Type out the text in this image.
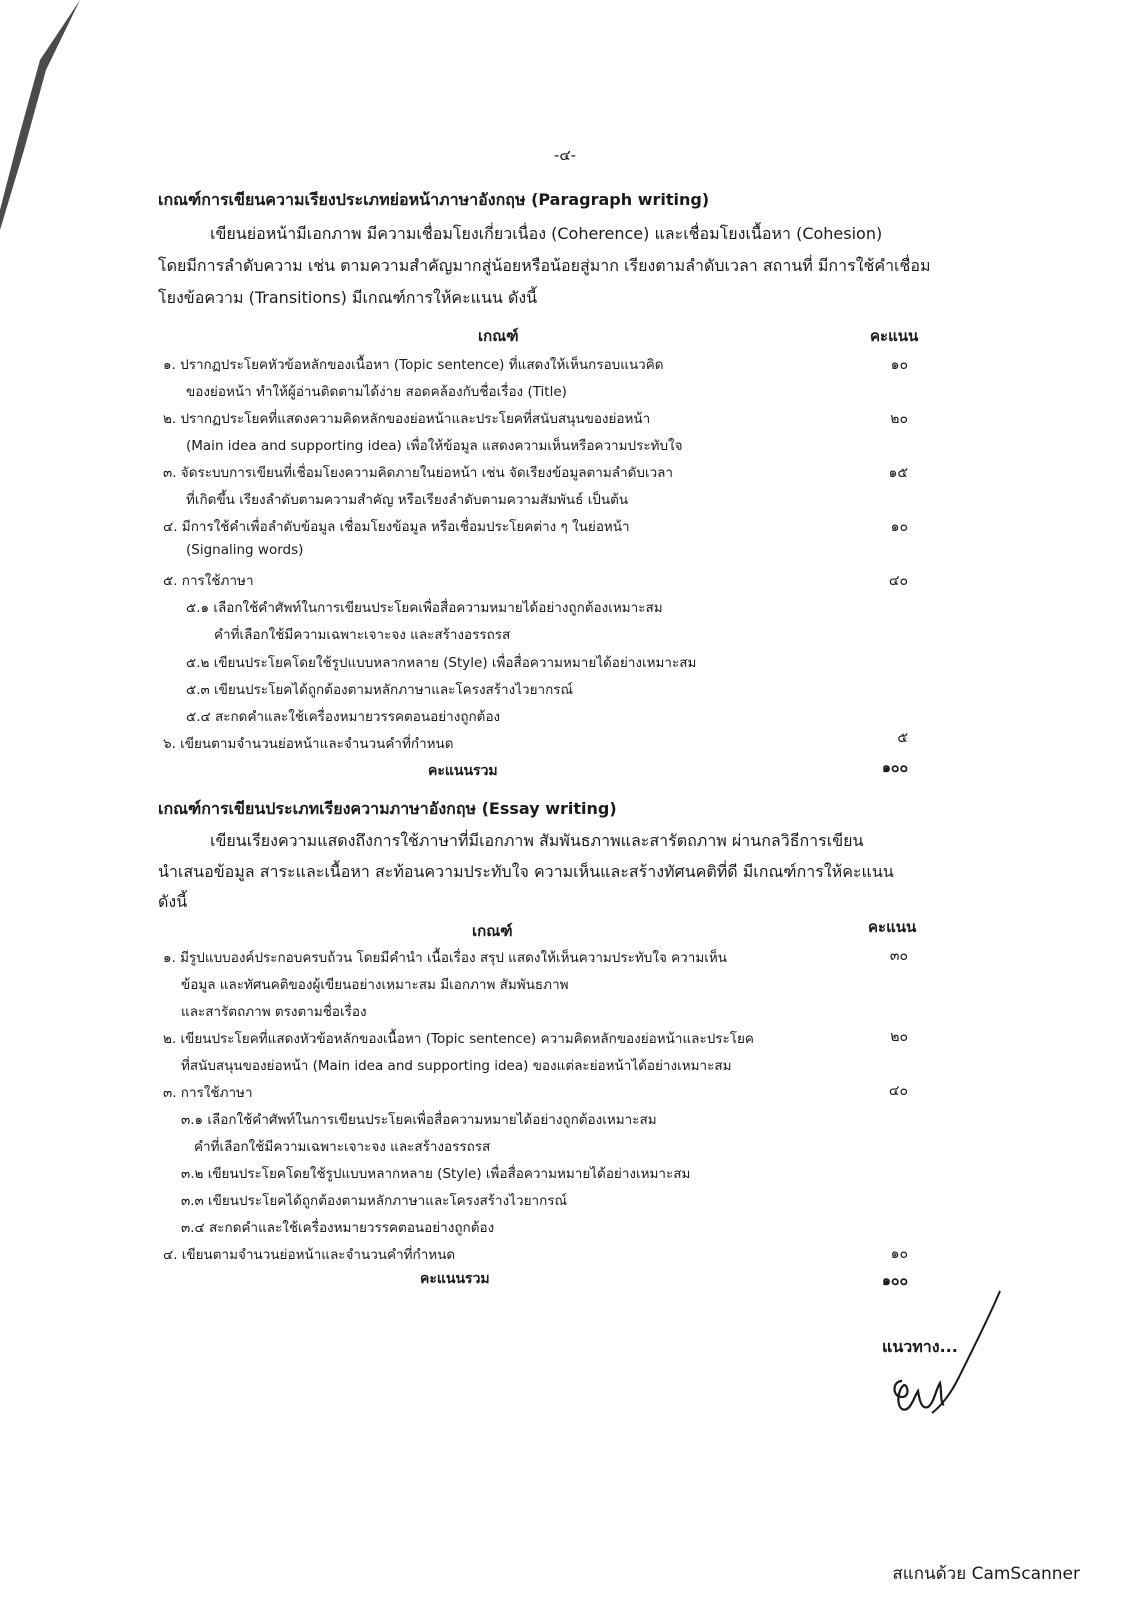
-๔-
เกณฑ์การเขียนความเรียงประเภทย่อหน้าภาษาอังกฤษ (Paragraph writing)
เขียนย่อหน้ามีเอกภาพ มีความเชื่อมโยงเกี่ยวเนื่อง (Coherence) และเชื่อมโยงเนื้อหา (Cohesion)
โดยมีการลำดับความ เช่น ตามความสำคัญมากสู่น้อยหรือน้อยสู่มาก เรียงตามลำดับเวลา สถานที่ มีการใช้คำเชื่อม
โยงข้อความ (Transitions) มีเกณฑ์การให้คะแนน ดังนี้
เกณฑ์	คะแนน
๑. ปรากฏประโยคหัวข้อหลักของเนื้อหา (Topic sentence) ที่แสดงให้เห็นกรอบแนวคิด	๑๐
ของย่อหน้า ทำให้ผู้อ่านติดตามได้ง่าย สอดคล้องกับชื่อเรื่อง (Title)
๒. ปรากฏประโยคที่แสดงความคิดหลักของย่อหน้าและประโยคที่สนับสนุนของย่อหน้า	๒๐
(Main idea and supporting idea) เพื่อให้ข้อมูล แสดงความเห็นหรือความประทับใจ
๓. จัดระบบการเขียนที่เชื่อมโยงความคิดภายในย่อหน้า เช่น จัดเรียงข้อมูลตามลำดับเวลา	๑๕
ที่เกิดขึ้น เรียงลำดับตามความสำคัญ หรือเรียงลำดับตามความสัมพันธ์ เป็นต้น
๔. มีการใช้คำเพื่อลำดับข้อมูล เชื่อมโยงข้อมูล หรือเชื่อมประโยคต่าง ๆ ในย่อหน้า	๑๐
(Signaling words)
๕. การใช้ภาษา	๔๐
๕.๑ เลือกใช้คำศัพท์ในการเขียนประโยคเพื่อสื่อความหมายได้อย่างถูกต้องเหมาะสม
คำที่เลือกใช้มีความเฉพาะเจาะจง และสร้างอรรถรส
๕.๒ เขียนประโยคโดยใช้รูปแบบหลากหลาย (Style) เพื่อสื่อความหมายได้อย่างเหมาะสม
๕.๓ เขียนประโยคได้ถูกต้องตามหลักภาษาและโครงสร้างไวยากรณ์
๕.๔ สะกดคำและใช้เครื่องหมายวรรคตอนอย่างถูกต้อง
๖. เขียนตามจำนวนย่อหน้าและจำนวนคำที่กำหนด	๕
คะแนนรวม	๑๐๐
เกณฑ์การเขียนประเภทเรียงความภาษาอังกฤษ (Essay writing)
เขียนเรียงความแสดงถึงการใช้ภาษาที่มีเอกภาพ สัมพันธภาพและสารัตถภาพ ผ่านกลวิธีการเขียน
นำเสนอข้อมูล สาระและเนื้อหา สะท้อนความประทับใจ ความเห็นและสร้างทัศนคติที่ดี มีเกณฑ์การให้คะแนน
ดังนี้
เกณฑ์	คะแนน
๑. มีรูปแบบองค์ประกอบครบถ้วน โดยมีคำนำ เนื้อเรื่อง สรุป แสดงให้เห็นความประทับใจ ความเห็น	๓๐
ข้อมูล และทัศนคติของผู้เขียนอย่างเหมาะสม มีเอกภาพ สัมพันธภาพ
และสารัตถภาพ ตรงตามชื่อเรื่อง
๒. เขียนประโยคที่แสดงหัวข้อหลักของเนื้อหา (Topic sentence) ความคิดหลักของย่อหน้าและประโยค	๒๐
ที่สนับสนุนของย่อหน้า (Main idea and supporting idea) ของแต่ละย่อหน้าได้อย่างเหมาะสม
๓. การใช้ภาษา	๔๐
๓.๑ เลือกใช้คำศัพท์ในการเขียนประโยคเพื่อสื่อความหมายได้อย่างถูกต้องเหมาะสม
คำที่เลือกใช้มีความเฉพาะเจาะจง และสร้างอรรถรส
๓.๒ เขียนประโยคโดยใช้รูปแบบหลากหลาย (Style) เพื่อสื่อความหมายได้อย่างเหมาะสม
๓.๓ เขียนประโยคได้ถูกต้องตามหลักภาษาและโครงสร้างไวยากรณ์
๓.๔ สะกดคำและใช้เครื่องหมายวรรคตอนอย่างถูกต้อง
๔. เขียนตามจำนวนย่อหน้าและจำนวนคำที่กำหนด	๑๐
คะแนนรวม	๑๐๐
แนวทาง...
สแกนด้วย CamScanner
